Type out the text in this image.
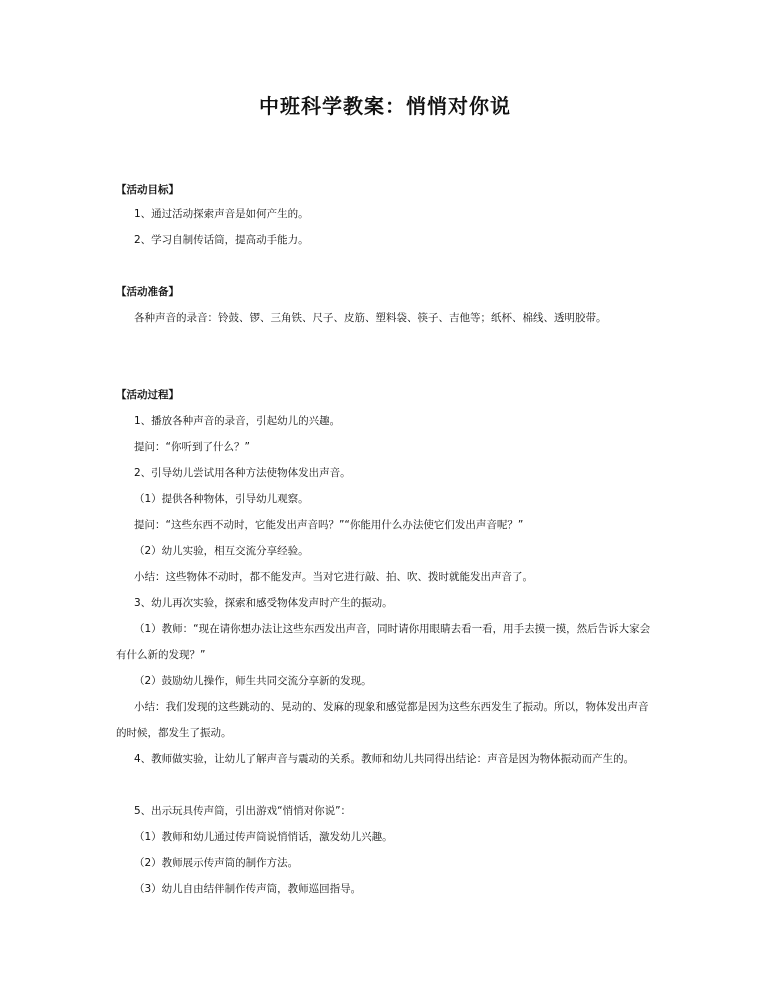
中班科学教案：悄悄对你说

【活动目标】

1、通过活动探索声音是如何产生的。

2、学习自制传话筒，提高动手能力。

【活动准备】

各种声音的录音：铃鼓、锣、三角铁、尺子、皮筋、塑料袋、筷子、吉他等；纸杯、棉线、透明胶带。

【活动过程】

1、播放各种声音的录音，引起幼儿的兴趣。

提问：“你听到了什么？”

2、引导幼儿尝试用各种方法使物体发出声音。

（1）提供各种物体，引导幼儿观察。

提问：“这些东西不动时，它能发出声音吗？”“你能用什么办法使它们发出声音呢？”

（2）幼儿实验，相互交流分享经验。

小结：这些物体不动时，都不能发声。当对它进行敲、拍、吹、拨时就能发出声音了。

3、幼儿再次实验，探索和感受物体发声时产生的振动。

（1）教师：“现在请你想办法让这些东西发出声音，同时请你用眼睛去看一看，用手去摸一摸，然后告诉大家会有什么新的发现？”

（2）鼓励幼儿操作，师生共同交流分享新的发现。

小结：我们发现的这些跳动的、晃动的、发麻的现象和感觉都是因为这些东西发生了振动。所以，物体发出声音的时候，都发生了振动。

4、教师做实验，让幼儿了解声音与震动的关系。教师和幼儿共同得出结论：声音是因为物体振动而产生的。

5、出示玩具传声筒，引出游戏“悄悄对你说”：

（1）教师和幼儿通过传声筒说悄悄话，激发幼儿兴趣。

（2）教师展示传声筒的制作方法。

（3）幼儿自由结伴制作传声筒，教师巡回指导。
